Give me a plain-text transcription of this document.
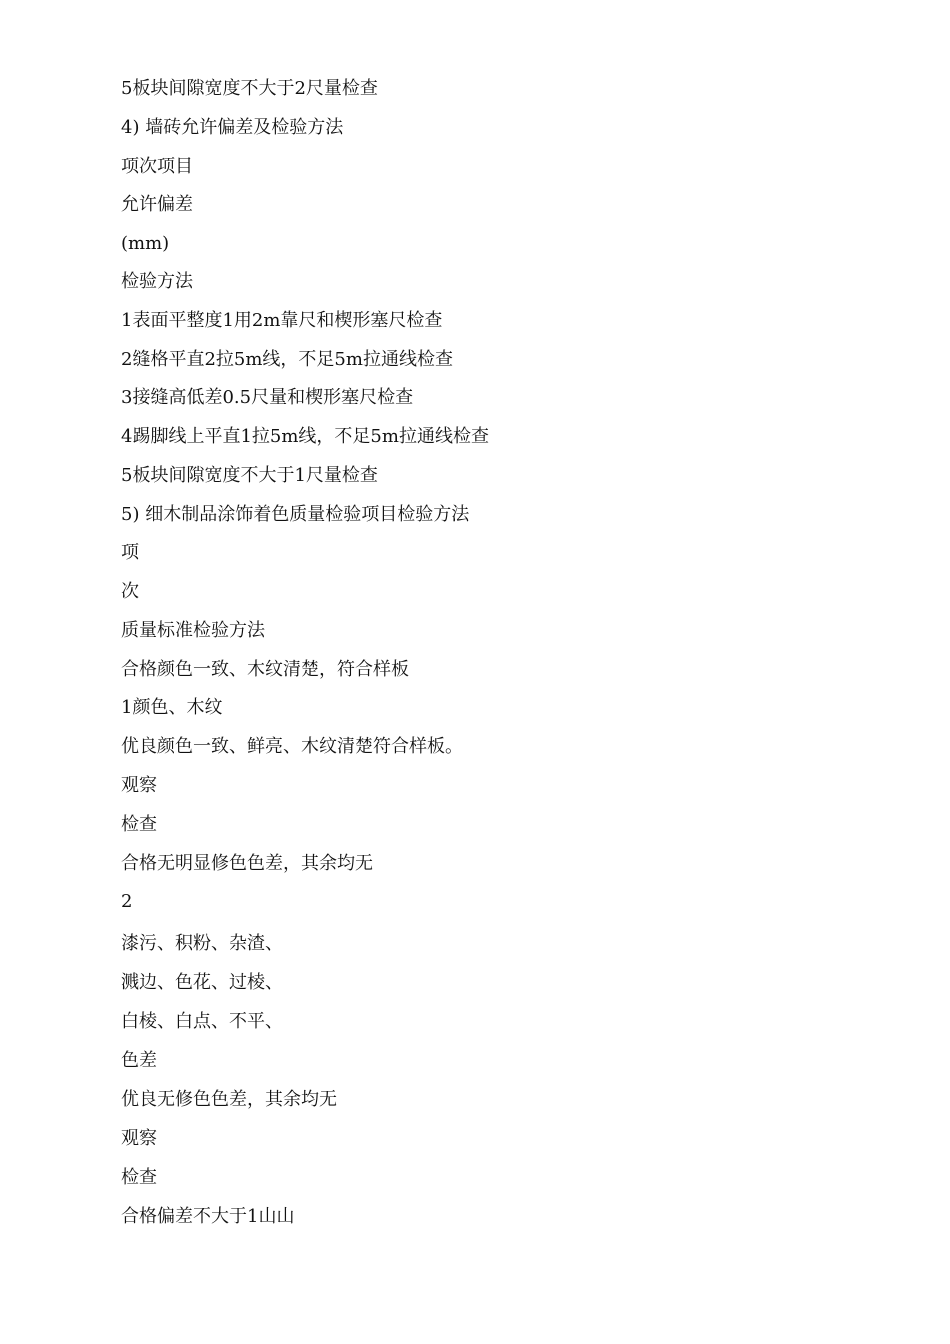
5板块间隙宽度不大于2尺量检查
4) 墙砖允许偏差及检验方法
项次项目
允许偏差
(mm)
检验方法
1表面平整度1用2m靠尺和楔形塞尺检查
2缝格平直2拉5m线，不足5m拉通线检查
3接缝高低差0.5尺量和楔形塞尺检查
4踢脚线上平直1拉5m线，不足5m拉通线检查
5板块间隙宽度不大于1尺量检查
5) 细木制品涂饰着色质量检验项目检验方法
项
次
质量标准检验方法
合格颜色一致、木纹清楚，符合样板
1颜色、木纹
优良颜色一致、鲜亮、木纹清楚符合样板。
观察
检查
合格无明显修色色差，其余均无
2
漆污、积粉、杂渣、
溅边、色花、过棱、
白棱、白点、不平、
色差
优良无修色色差，其余均无
观察
检查
合格偏差不大于1山山
